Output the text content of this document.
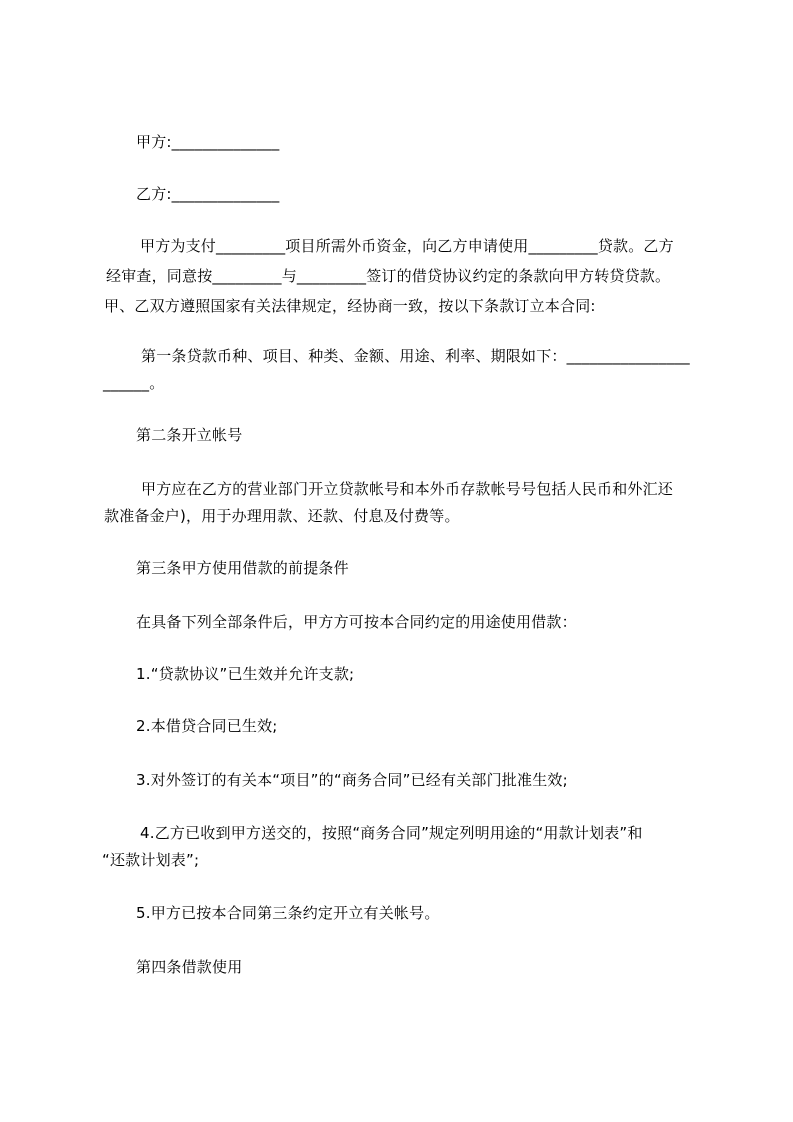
甲方:______________
乙方:______________
甲方为支付_________项目所需外币资金，向乙方申请使用_________贷款。乙方
经审查，同意按_________与_________签订的借贷协议约定的条款向甲方转贷贷款。
甲、乙双方遵照国家有关法律规定，经协商一致，按以下条款订立本合同:
第一条贷款币种、项目、种类、金额、用途、利率、期限如下：________________
______。
第二条开立帐号
甲方应在乙方的营业部门开立贷款帐号和本外币存款帐号号包括人民币和外汇还
款准备金户)，用于办理用款、还款、付息及付费等。
第三条甲方使用借款的前提条件
在具备下列全部条件后，甲方方可按本合同约定的用途使用借款：
1.“贷款协议”已生效并允许支款;
2.本借贷合同已生效;
3.对外签订的有关本“项目”的“商务合同”已经有关部门批准生效;
4.乙方已收到甲方送交的，按照“商务合同”规定列明用途的“用款计划表”和
“还款计划表”;
5.甲方已按本合同第三条约定开立有关帐号。
第四条借款使用
